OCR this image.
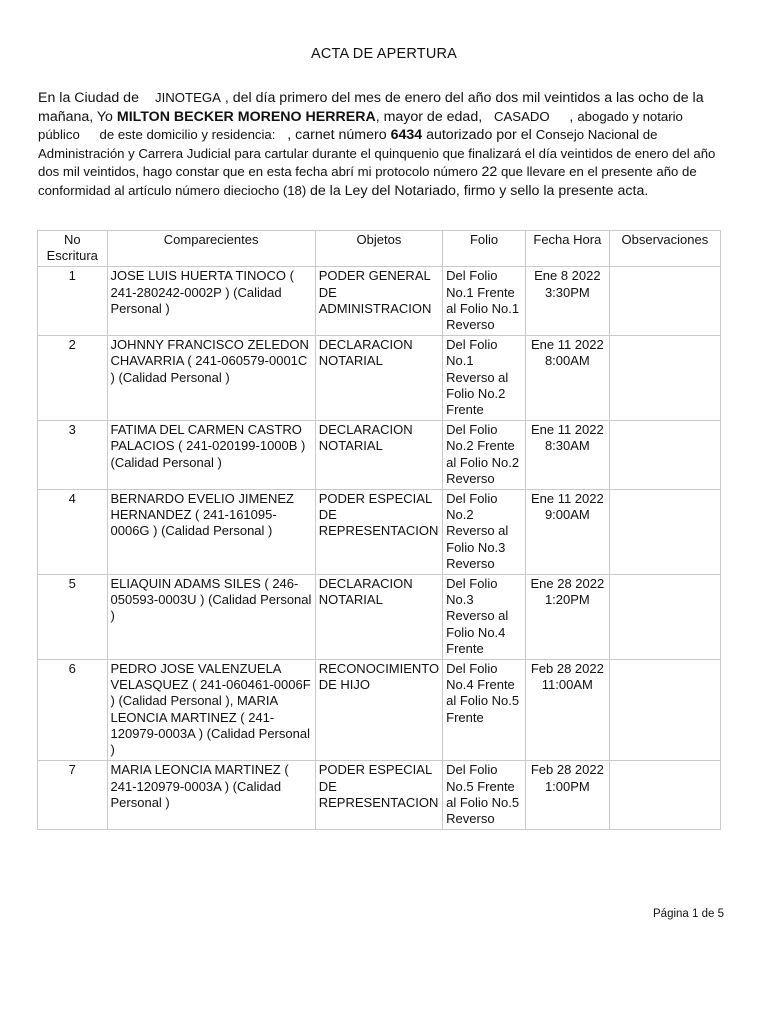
ACTA DE APERTURA
En la Ciudad de JINOTEGA , del día primero del mes de enero del año dos mil veintidos a las ocho de la mañana, Yo MILTON BECKER MORENO HERRERA, mayor de edad, CASADO , abogado y notario público de este domicilio y residencia: , carnet número 6434 autorizado por el Consejo Nacional de Administración y Carrera Judicial para cartular durante el quinquenio que finalizará el día veintidos de enero del año dos mil veintidos, hago constar que en esta fecha abrí mi protocolo número 22 que llevare en el presente año de conformidad al artículo número dieciocho (18) de la Ley del Notariado, firmo y sello la presente acta.
No Escritura	Comparecientes	Objetos	Folio	Fecha Hora	Observaciones
1	JOSE LUIS HUERTA TINOCO ( 241-280242-0002P ) (Calidad Personal )	PODER GENERAL DE ADMINISTRACION	Del Folio No.1 Frente al Folio No.1 Reverso	Ene 8 2022 3:30PM	
2	JOHNNY FRANCISCO ZELEDON CHAVARRIA ( 241-060579-0001C ) (Calidad Personal )	DECLARACION NOTARIAL	Del Folio No.1 Reverso al Folio No.2 Frente	Ene 11 2022 8:00AM	
3	FATIMA DEL CARMEN CASTRO PALACIOS ( 241-020199-1000B ) (Calidad Personal )	DECLARACION NOTARIAL	Del Folio No.2 Frente al Folio No.2 Reverso	Ene 11 2022 8:30AM	
4	BERNARDO EVELIO JIMENEZ HERNANDEZ ( 241-161095-0006G ) (Calidad Personal )	PODER ESPECIAL DE REPRESENTACION	Del Folio No.2 Reverso al Folio No.3 Reverso	Ene 11 2022 9:00AM	
5	ELIAQUIN ADAMS SILES ( 246-050593-0003U ) (Calidad Personal )	DECLARACION NOTARIAL	Del Folio No.3 Reverso al Folio No.4 Frente	Ene 28 2022 1:20PM	
6	PEDRO JOSE VALENZUELA VELASQUEZ ( 241-060461-0006F ) (Calidad Personal ), MARIA LEONCIA MARTINEZ ( 241-120979-0003A ) (Calidad Personal )	RECONOCIMIENTO DE HIJO	Del Folio No.4 Frente al Folio No.5 Frente	Feb 28 2022 11:00AM	
7	MARIA LEONCIA MARTINEZ ( 241-120979-0003A ) (Calidad Personal )	PODER ESPECIAL DE REPRESENTACION	Del Folio No.5 Frente al Folio No.5 Reverso	Feb 28 2022 1:00PM	
Página 1 de 5
